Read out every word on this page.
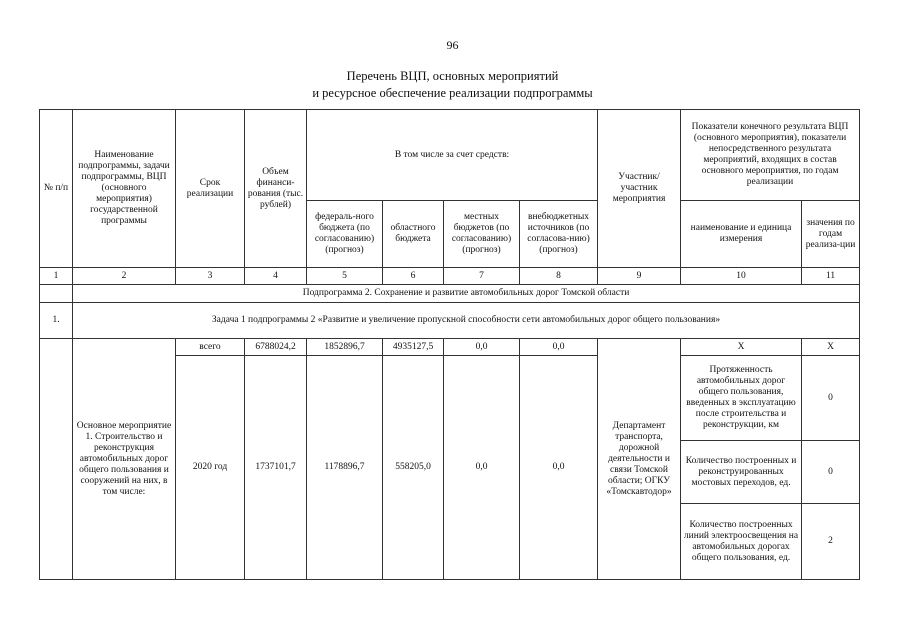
96
Перечень ВЦП, основных мероприятий
и ресурсное обеспечение реализации подпрограммы
№ п/п	Наименование подпрограммы, задачи подпрограммы, ВЦП (основного мероприятия) государственной программы	Срок реализации	Объем финанси-рования (тыс. рублей)	В том числе за счет средств:				Участник/ участник мероприятия	Показатели конечного результата ВЦП (основного мероприятия), показатели непосредственного результата мероприятий, входящих в состав основного мероприятия, по годам реализации	
				федераль-ного бюджета (по согласованию) (прогноз)	областного бюджета	местных бюджетов (по согласованию) (прогноз)	внебюджетных источников (по согласова-нию) (прогноз)		наименование и единица измерения	значения по годам реализа-ции
1	2	3	4	5	6	7	8	9	10	11
	Подпрограмма 2. Сохранение и развитие автомобильных дорог Томской области									
1.	Задача 1 подпрограммы 2 «Развитие и увеличение пропускной способности сети автомобильных дорог общего пользования»									
	Основное мероприятие 1. Строительство и реконструкция автомобильных дорог общего пользования и сооружений на них, в том числе:	всего	6788024,2	1852896,7	4935127,5	0,0	0,0	Департамент транспорта, дорожной деятельности и связи Томской области; ОГКУ «Томскавтодор»	X	X
		2020 год	1737101,7	1178896,7	558205,0	0,0	0,0		Протяженность автомобильных дорог общего пользования, введенных в эксплуатацию после строительства и реконструкции, км	0
									Количество построенных и реконструированных мостовых переходов, ед.	0
									Количество построенных линий электроосвещения на автомобильных дорогах общего пользования, ед.	2
